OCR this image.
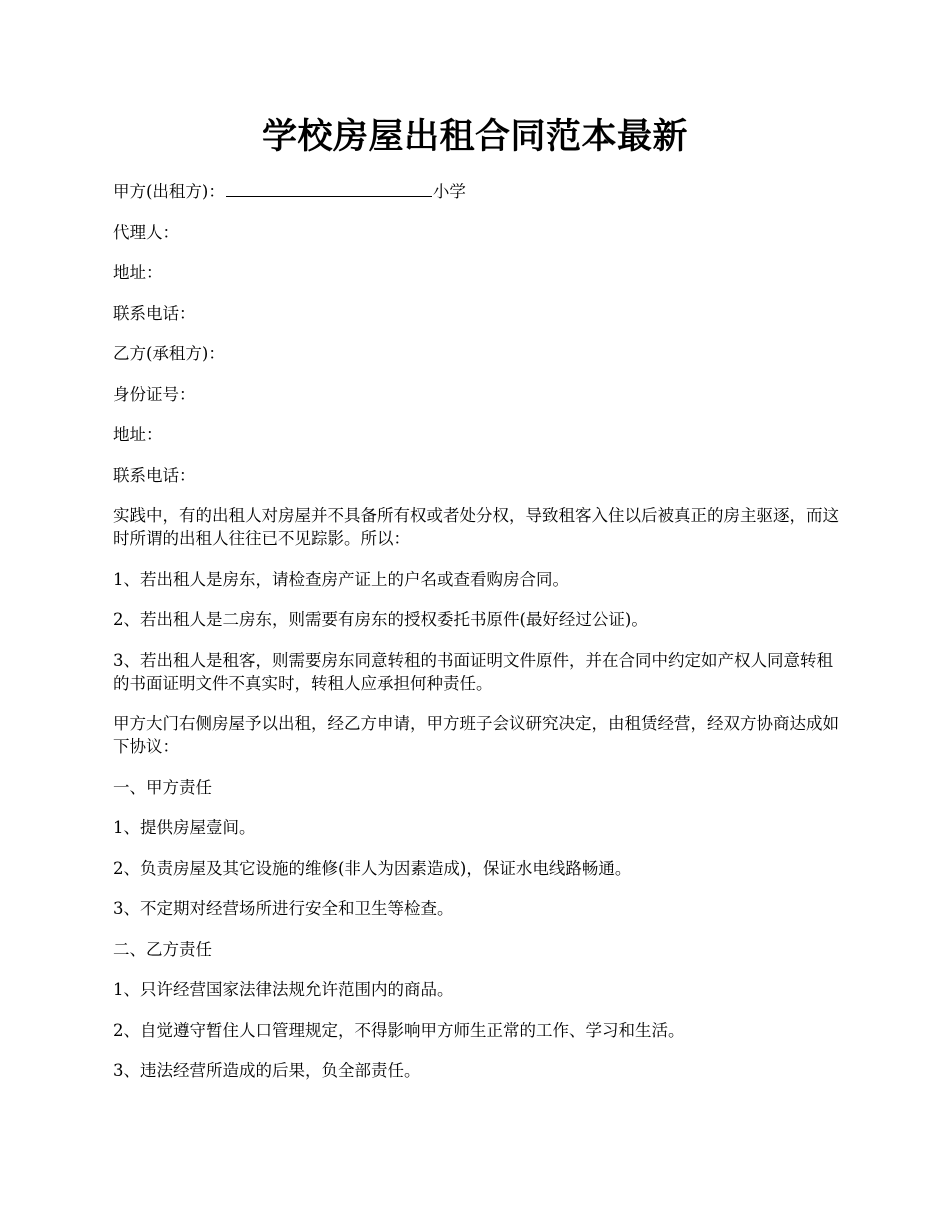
学校房屋出租合同范本最新

甲方(出租方)：	小学

代理人：

地址：

联系电话：

乙方(承租方)：

身份证号：

地址：

联系电话：

实践中，有的出租人对房屋并不具备所有权或者处分权，导致租客入住以后被真正的房主驱逐，而这时所谓的出租人往往已不见踪影。所以：

1、若出租人是房东，请检查房产证上的户名或查看购房合同。

2、若出租人是二房东，则需要有房东的授权委托书原件(最好经过公证)。

3、若出租人是租客，则需要房东同意转租的书面证明文件原件，并在合同中约定如产权人同意转租的书面证明文件不真实时，转租人应承担何种责任。

甲方大门右侧房屋予以出租，经乙方申请，甲方班子会议研究决定，由租赁经营，经双方协商达成如下协议：

一、甲方责任

1、提供房屋壹间。

2、负责房屋及其它设施的维修(非人为因素造成)，保证水电线路畅通。

3、不定期对经营场所进行安全和卫生等检查。

二、乙方责任

1、只许经营国家法律法规允许范围内的商品。

2、自觉遵守暂住人口管理规定，不得影响甲方师生正常的工作、学习和生活。

3、违法经营所造成的后果，负全部责任。
